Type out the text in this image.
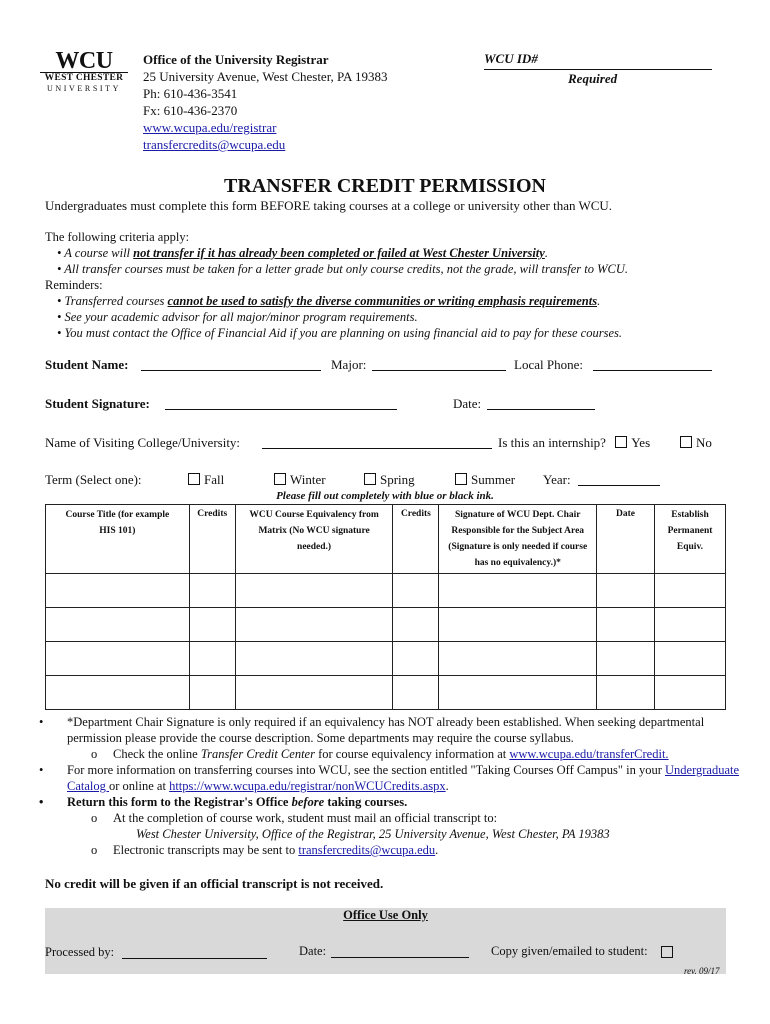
WCU
WEST CHESTER
UNIVERSITY
Office of the University Registrar
25 University Avenue, West Chester, PA 19383
Ph: 610-436-3541
Fx: 610-436-2370
www.wcupa.edu/registrar
transfercredits@wcupa.edu
WCU ID#
Required
TRANSFER CREDIT PERMISSION
Undergraduates must complete this form BEFORE taking courses at a college or university other than WCU.
The following criteria apply:
• A course will not transfer if it has already been completed or failed at West Chester University.
• All transfer courses must be taken for a letter grade but only course credits, not the grade, will transfer to WCU.
Reminders:
• Transferred courses cannot be used to satisfy the diverse communities or writing emphasis requirements.
• See your academic advisor for all major/minor program requirements.
• You must contact the Office of Financial Aid if you are planning on using financial aid to pay for these courses.
Student Name:	Major:	Local Phone:
Student Signature:	Date:
Name of Visiting College/University:	Is this an internship? Yes	No
Term (Select one):	Fall	Winter	Spring	Summer Year:
Please fill out completely with blue or black ink.
Course Title (for example HIS 101)	Credits	WCU Course Equivalency from Matrix (No WCU signature needed.)	Credits	Signature of WCU Dept. Chair Responsible for the Subject Area (Signature is only needed if course has no equivalency.)*	Date	Establish Permanent Equiv.

• *Department Chair Signature is only required if an equivalency has NOT already been established. When seeking departmental permission please provide the course description. Some departments may require the course syllabus.
o Check the online Transfer Credit Center for course equivalency information at www.wcupa.edu/transferCredit.
• For more information on transferring courses into WCU, see the section entitled "Taking Courses Off Campus" in your Undergraduate Catalog or online at https://www.wcupa.edu/registrar/nonWCUCredits.aspx.
• Return this form to the Registrar's Office before taking courses.
o At the completion of course work, student must mail an official transcript to:
West Chester University, Office of the Registrar, 25 University Avenue, West Chester, PA 19383
o Electronic transcripts may be sent to transfercredits@wcupa.edu.
No credit will be given if an official transcript is not received.
Office Use Only
Processed by:	Date:	Copy given/emailed to student:
rev. 09/17
